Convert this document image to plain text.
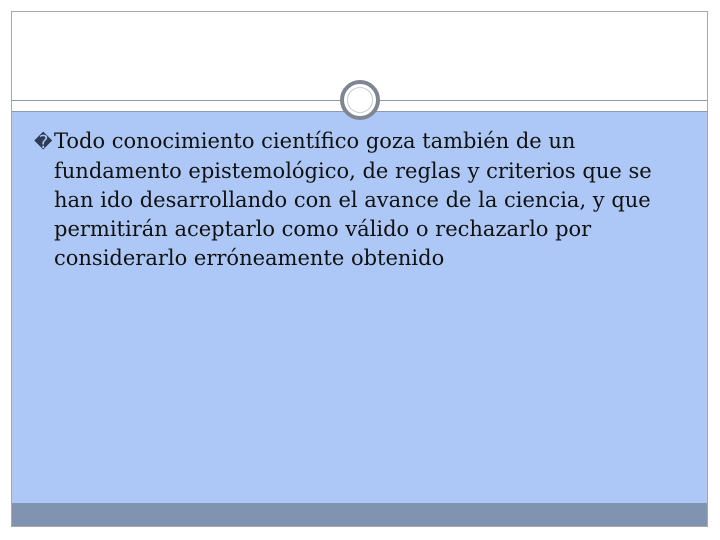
�Todo conocimiento científico goza también de un fundamento epistemológico, de reglas y criterios que se han ido desarrollando con el avance de la ciencia, y que permitirán aceptarlo como válido o rechazarlo por considerarlo erróneamente obtenido
